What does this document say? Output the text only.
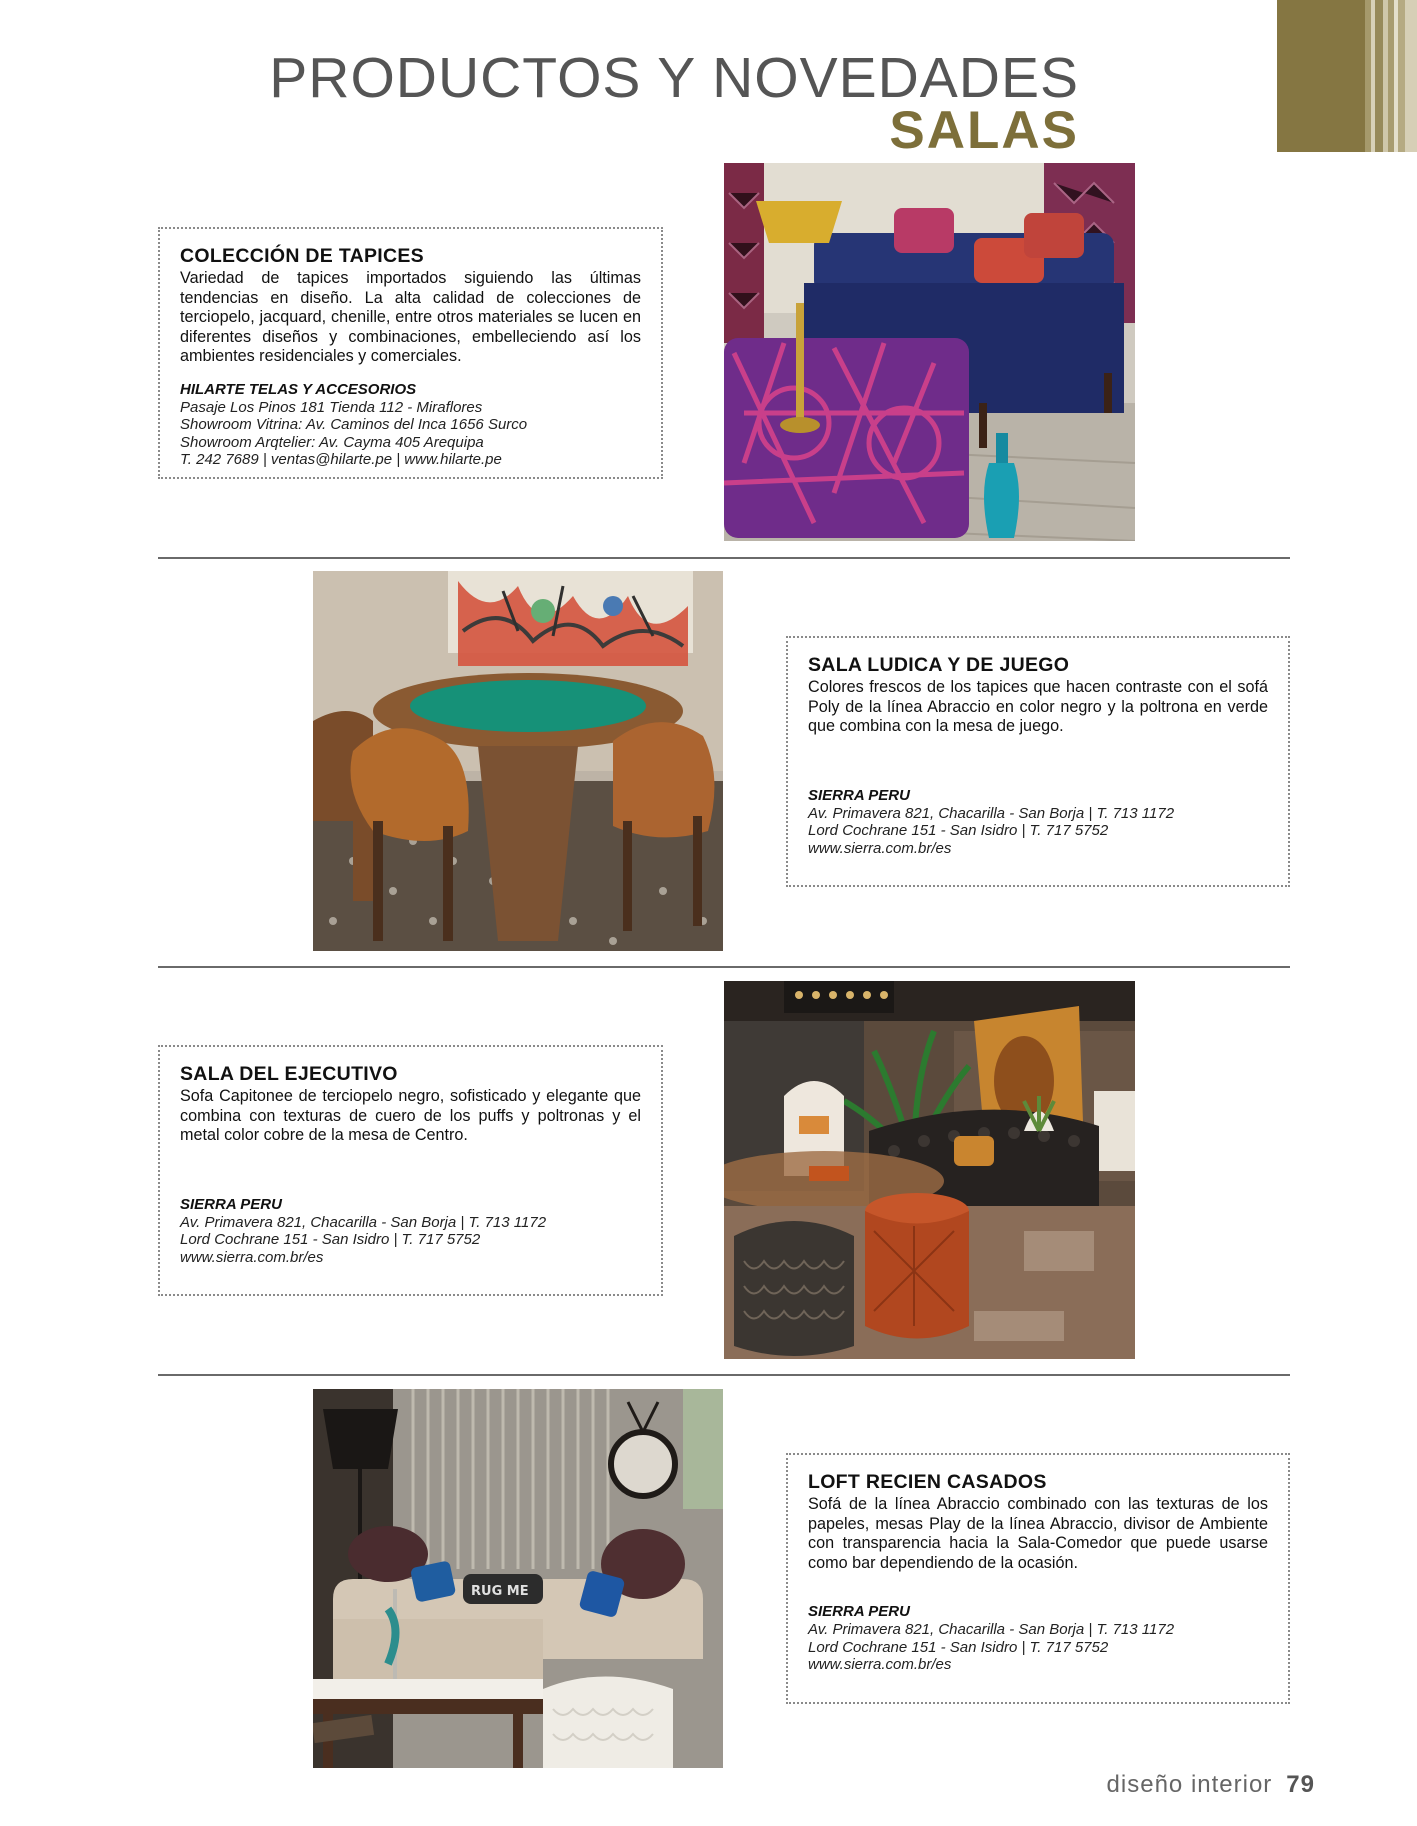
PRODUCTOS Y NOVEDADES
SALAS
COLECCIÓN DE TAPICES

Variedad de tapices importados siguiendo las últimas tendencias en diseño. La alta calidad de colecciones de terciopelo, jacquard, chenille, entre otros materiales se lucen en diferentes diseños y combinaciones, embelleciendo así los ambientes residenciales y comerciales.

HILARTE TELAS Y ACCESORIOS
Pasaje Los Pinos 181 Tienda 112 - Miraflores
Showroom Vitrina: Av. Caminos del Inca 1656 Surco
Showroom Arqtelier: Av. Cayma 405 Arequipa
T. 242 7689 | ventas@hilarte.pe | www.hilarte.pe
SALA LUDICA Y DE JUEGO

Colores frescos de los tapices que hacen contraste con el sofá Poly de la línea Abraccio en color negro y la poltrona en verde que combina con la mesa de juego.

SIERRA PERU
Av. Primavera 821, Chacarilla - San Borja | T. 713 1172
Lord Cochrane 151 - San Isidro | T. 717 5752
www.sierra.com.br/es
SALA DEL EJECUTIVO

Sofa Capitonee de terciopelo negro, sofisticado y elegante que combina con texturas de cuero de los puffs y poltronas y el metal color cobre de la mesa de Centro.

SIERRA PERU
Av. Primavera 821, Chacarilla - San Borja | T. 713 1172
Lord Cochrane 151 - San Isidro | T. 717 5752
www.sierra.com.br/es
RUG ME
LOFT RECIEN CASADOS

Sofá de la línea Abraccio combinado con las texturas de los papeles, mesas Play de la línea Abraccio, divisor de Ambiente con transparencia hacia la Sala-Comedor que puede usarse como bar dependiendo de la ocasión.

SIERRA PERU
Av. Primavera 821, Chacarilla - San Borja | T. 713 1172
Lord Cochrane 151 - San Isidro | T. 717 5752
www.sierra.com.br/es
diseño interior 79
